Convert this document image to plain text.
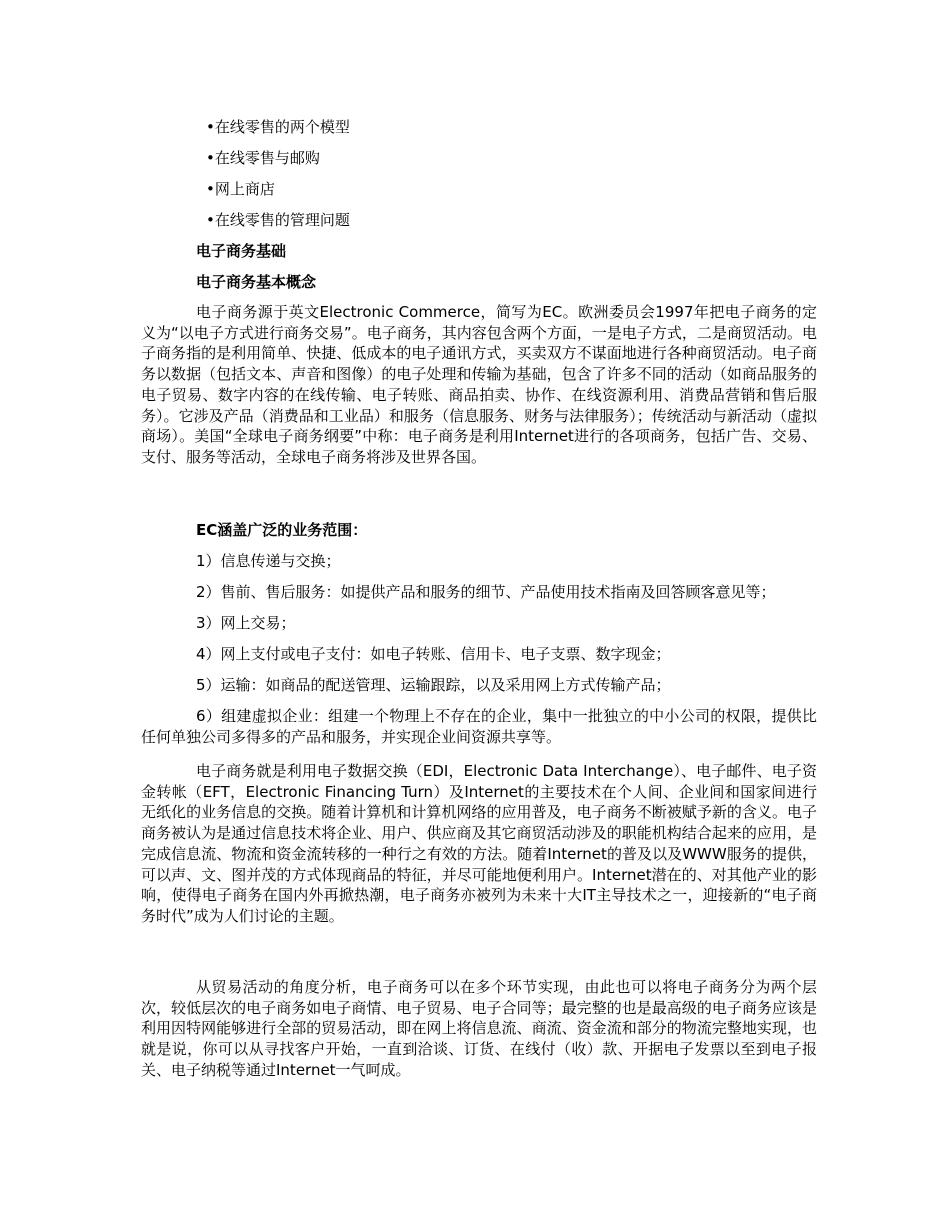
•在线零售的两个模型

•在线零售与邮购

•网上商店

•在线零售的管理问题

电子商务基础

电子商务基本概念

电子商务源于英文Electronic Commerce，简写为EC。欧洲委员会1997年把电子商务的定义为“以电子方式进行商务交易”。电子商务，其内容包含两个方面，一是电子方式，二是商贸活动。电子商务指的是利用简单、快捷、低成本的电子通讯方式，买卖双方不谋面地进行各种商贸活动。电子商务以数据（包括文本、声音和图像）的电子处理和传输为基础，包含了许多不同的活动（如商品服务的电子贸易、数字内容的在线传输、电子转账、商品拍卖、协作、在线资源利用、消费品营销和售后服务）。它涉及产品（消费品和工业品）和服务（信息服务、财务与法律服务）；传统活动与新活动（虚拟商场）。美国“全球电子商务纲要”中称：电子商务是利用Internet进行的各项商务，包括广告、交易、支付、服务等活动，全球电子商务将涉及世界各国。

EC涵盖广泛的业务范围：

1）信息传递与交换；

2）售前、售后服务：如提供产品和服务的细节、产品使用技术指南及回答顾客意见等；

3）网上交易；

4）网上支付或电子支付：如电子转账、信用卡、电子支票、数字现金；

5）运输：如商品的配送管理、运输跟踪，以及采用网上方式传输产品；

6）组建虚拟企业：组建一个物理上不存在的企业，集中一批独立的中小公司的权限，提供比任何单独公司多得多的产品和服务，并实现企业间资源共享等。

电子商务就是利用电子数据交换（EDI，Electronic Data Interchange）、电子邮件、电子资金转帐（EFT，Electronic Financing Turn）及Internet的主要技术在个人间、企业间和国家间进行无纸化的业务信息的交换。随着计算机和计算机网络的应用普及，电子商务不断被赋予新的含义。电子商务被认为是通过信息技术将企业、用户、供应商及其它商贸活动涉及的职能机构结合起来的应用，是完成信息流、物流和资金流转移的一种行之有效的方法。随着Internet的普及以及WWW服务的提供，可以声、文、图并茂的方式体现商品的特征，并尽可能地便利用户。Internet潜在的、对其他产业的影响，使得电子商务在国内外再掀热潮，电子商务亦被列为未来十大IT主导技术之一，迎接新的“电子商务时代”成为人们讨论的主题。

从贸易活动的角度分析，电子商务可以在多个环节实现，由此也可以将电子商务分为两个层次，较低层次的电子商务如电子商情、电子贸易、电子合同等；最完整的也是最高级的电子商务应该是利用因特网能够进行全部的贸易活动，即在网上将信息流、商流、资金流和部分的物流完整地实现，也就是说，你可以从寻找客户开始，一直到洽谈、订货、在线付（收）款、开据电子发票以至到电子报关、电子纳税等通过Internet一气呵成。
